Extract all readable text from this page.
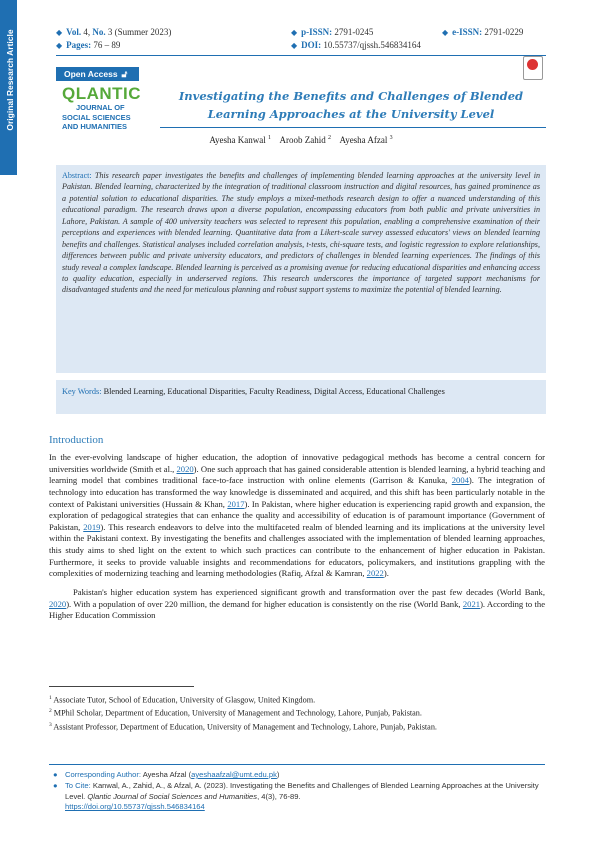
Original Research Article	◆ Vol. 4, No. 3 (Summer 2023)	◆ p-ISSN: 2791-0245	◆ e-ISSN: 2791-0229
◆ Pages: 76 – 89	◆ DOI: 10.55737/qjssh.546834164
Open Access 🔓︎
QLANTIC
JOURNAL OF
SOCIAL SCIENCES
AND HUMANITIES
Investigating the Benefits and Challenges of Blended Learning Approaches at the University Level
Ayesha Kanwal $^1$ Aroob Zahid $^2$ Ayesha Afzal $^3$

Abstract: This research paper investigates the benefits and challenges of implementing blended learning approaches at the university level in Pakistan. Blended learning, characterized by the integration of traditional classroom instruction and digital resources, has gained prominence as a potential solution to educational disparities. The study employs a mixed-methods research design to offer a nuanced understanding of this educational paradigm. The research draws upon a diverse population, encompassing educators from both public and private universities in Lahore, Pakistan. A sample of 400 university teachers was selected to represent this population, enabling a comprehensive examination of their perceptions and experiences with blended learning. Quantitative data from a Likert-scale survey assessed educators' views on blended learning benefits and challenges. Statistical analyses included correlation analysis, t-tests, chi-square tests, and logistic regression to explore relationships, differences between public and private university educators, and predictors of challenges in blended learning experiences. The findings of this study reveal a complex landscape. Blended learning is perceived as a promising avenue for reducing educational disparities and enhancing access to quality education, especially in underserved regions. This research underscores the importance of targeted support mechanisms for disadvantaged students and the need for meticulous planning and robust support systems to maximize the potential of blended learning.

Key Words: Blended Learning, Educational Disparities, Faculty Readiness, Digital Access, Educational Challenges

Introduction

In the ever-evolving landscape of higher education, the adoption of innovative pedagogical methods has become a central concern for universities worldwide (Smith et al., 2020). One such approach that has gained considerable attention is blended learning, a hybrid teaching and learning model that combines traditional face-to-face instruction with online elements (Garrison & Kanuka, 2004). The integration of technology into education has transformed the way knowledge is disseminated and acquired, and this shift has been particularly notable in the context of Pakistani universities (Hussain & Khan, 2017). In Pakistan, where higher education is experiencing rapid growth and expansion, the exploration of pedagogical strategies that can enhance the quality and accessibility of education is of paramount importance (Government of Pakistan, 2019). This research endeavors to delve into the multifaceted realm of blended learning and its implications at the university level within the Pakistani context. By investigating the benefits and challenges associated with the implementation of blended learning approaches, this study aims to shed light on the extent to which such practices can contribute to the enhancement of higher education in Pakistan. Furthermore, it seeks to provide valuable insights and recommendations for educators, policymakers, and institutions grappling with the complexities of modernizing teaching and learning methodologies (Rafiq, Afzal & Kamran, 2022).

Pakistan's higher education system has experienced significant growth and transformation over the past few decades (World Bank, 2020). With a population of over 220 million, the demand for higher education is consistently on the rise (World Bank, 2021). According to the Higher Education Commission

$^1$ Associate Tutor, School of Education, University of Glasgow, United Kingdom.

$^2$ MPhil Scholar, Department of Education, University of Management and Technology, Lahore, Punjab, Pakistan.

$^3$ Assistant Professor, Department of Education, University of Management and Technology, Lahore, Punjab, Pakistan.

● Corresponding Author: Ayesha Afzal (ayeshaafzal@umt.edu.pk)
● To Cite: Kanwal, A., Zahid, A., & Afzal, A. (2023). Investigating the Benefits and Challenges of Blended Learning Approaches at the University Level. Qlantic Journal of Social Sciences and Humanities, 4(3), 76-89.
https://doi.org/10.55737/qjssh.546834164
